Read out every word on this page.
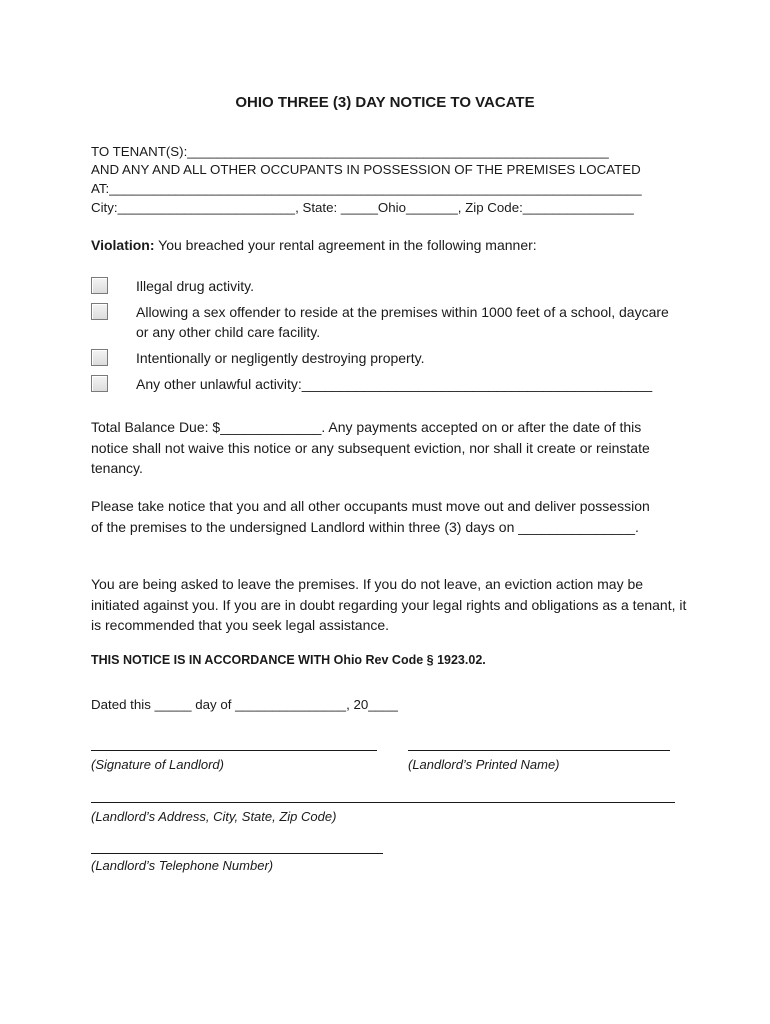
OHIO THREE (3) DAY NOTICE TO VACATE
TO TENANT(S):_________________________________________________________
AND ANY AND ALL OTHER OCCUPANTS IN POSSESSION OF THE PREMISES LOCATED
AT:________________________________________________________________________
City:________________________, State: _____Ohio_______, Zip Code:_______________
Violation: You breached your rental agreement in the following manner:
Illegal drug activity.
Allowing a sex offender to reside at the premises within 1000 feet of a school, daycare or any other child care facility.
Intentionally or negligently destroying property.
Any other unlawful activity:_____________________________________________
Total Balance Due: $_____________. Any payments accepted on or after the date of this notice shall not waive this notice or any subsequent eviction, nor shall it create or reinstate tenancy.
Please take notice that you and all other occupants must move out and deliver possession of the premises to the undersigned Landlord within three (3) days on _______________.
You are being asked to leave the premises. If you do not leave, an eviction action may be initiated against you. If you are in doubt regarding your legal rights and obligations as a tenant, it is recommended that you seek legal assistance.
THIS NOTICE IS IN ACCORDANCE WITH Ohio Rev Code § 1923.02.
Dated this _____ day of _______________, 20____
(Signature of Landlord)	(Landlord’s Printed Name)
(Landlord’s Address, City, State, Zip Code)
(Landlord’s Telephone Number)
